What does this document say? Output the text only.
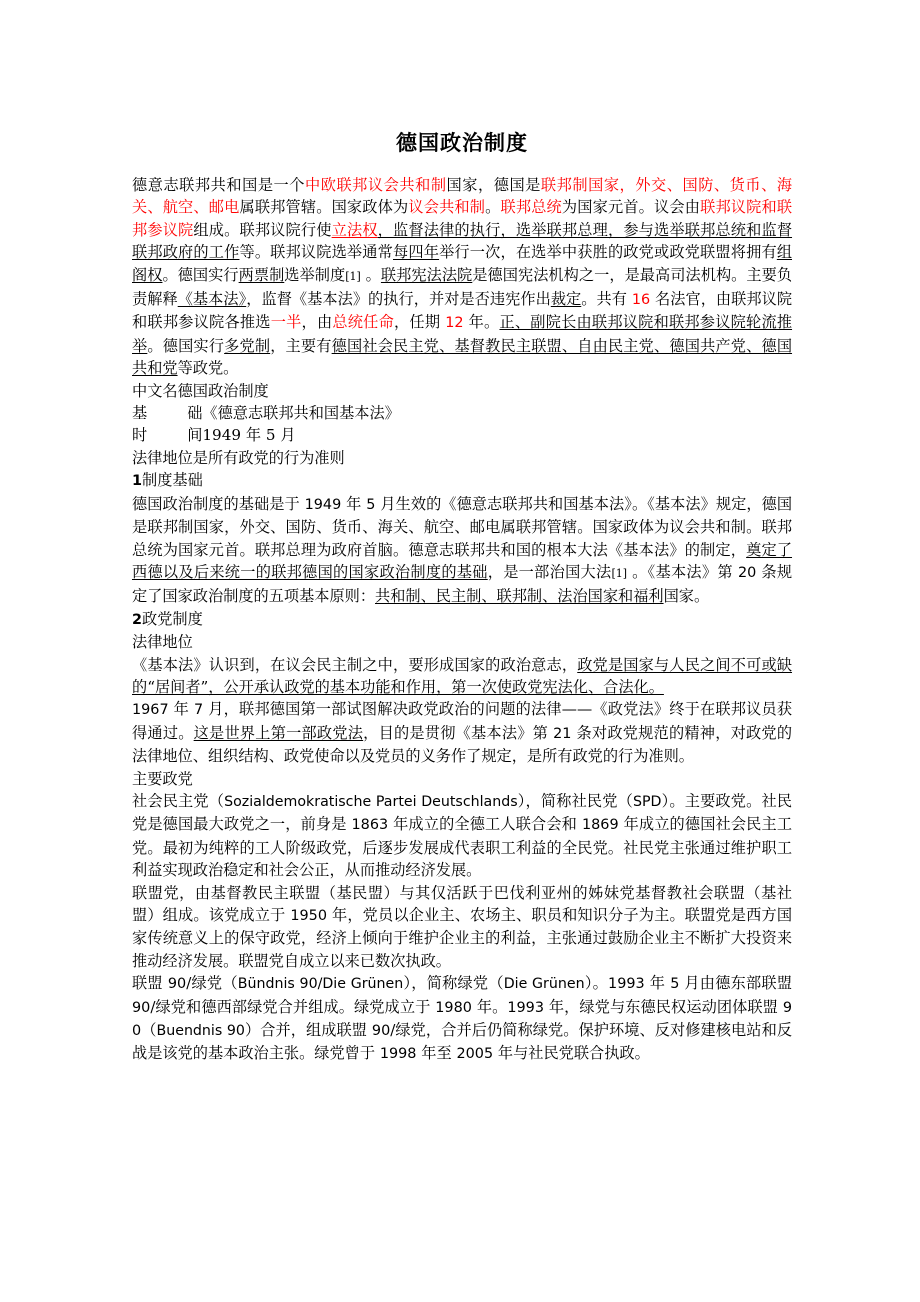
德国政治制度

德意志联邦共和国是一个中欧联邦议会共和制国家，德国是联邦制国家，外交、国防、货币、海关、航空、邮电属联邦管辖。国家政体为议会共和制。联邦总统为国家元首。议会由联邦议院和联邦参议院组成。联邦议院行使立法权，监督法律的执行，选举联邦总理，参与选举联邦总统和监督联邦政府的工作等。联邦议院选举通常每四年举行一次，在选举中获胜的政党或政党联盟将拥有组阁权。德国实行两票制选举制度[1] 。联邦宪法法院是德国宪法机构之一，是最高司法机构。主要负责解释《基本法》，监督《基本法》的执行，并对是否违宪作出裁定。共有 16 名法官，由联邦议院和联邦参议院各推选一半，由总统任命，任期 12 年。正、副院长由联邦议院和联邦参议院轮流推举。德国实行多党制，主要有德国社会民主党、基督教民主联盟、自由民主党、德国共产党、德国共和党等政党。

中文名德国政治制度

基	础《德意志联邦共和国基本法》

时	间1949 年 5 月

法律地位是所有政党的行为准则

1制度基础

德国政治制度的基础是于 1949 年 5 月生效的《德意志联邦共和国基本法》。《基本法》规定，德国是联邦制国家，外交、国防、货币、海关、航空、邮电属联邦管辖。国家政体为议会共和制。联邦总统为国家元首。联邦总理为政府首脑。德意志联邦共和国的根本大法《基本法》的制定，奠定了西德以及后来统一的联邦德国的国家政治制度的基础，是一部治国大法[1] 。《基本法》第 20 条规定了国家政治制度的五项基本原则：共和制、民主制、联邦制、法治国家和福利国家。

2政党制度

法律地位

《基本法》认识到，在议会民主制之中，要形成国家的政治意志，政党是国家与人民之间不可或缺的“居间者”，公开承认政党的基本功能和作用，第一次使政党宪法化、合法化。

1967 年 7 月，联邦德国第一部试图解决政党政治的问题的法律——《政党法》终于在联邦议员获得通过。这是世界上第一部政党法，目的是贯彻《基本法》第 21 条对政党规范的精神，对政党的法律地位、组织结构、政党使命以及党员的义务作了规定，是所有政党的行为准则。

主要政党

社会民主党（Sozialdemokratische Partei Deutschlands），简称社民党（SPD）。主要政党。社民党是德国最大政党之一，前身是 1863 年成立的全德工人联合会和 1869 年成立的德国社会民主工党。最初为纯粹的工人阶级政党，后逐步发展成代表职工利益的全民党。社民党主张通过维护职工利益实现政治稳定和社会公正，从而推动经济发展。

联盟党，由基督教民主联盟（基民盟）与其仅活跃于巴伐利亚州的姊妹党基督教社会联盟（基社盟）组成。该党成立于 1950 年，党员以企业主、农场主、职员和知识分子为主。联盟党是西方国家传统意义上的保守政党，经济上倾向于维护企业主的利益，主张通过鼓励企业主不断扩大投资来推动经济发展。联盟党自成立以来已数次执政。

联盟 90/绿党（Bündnis 90/Die Grünen），简称绿党（Die Grünen）。1993 年 5 月由德东部联盟 90/绿党和德西部绿党合并组成。绿党成立于 1980 年。1993 年，绿党与东德民权运动团体联盟 90（Buendnis 90）合并，组成联盟 90/绿党，合并后仍简称绿党。保护环境、反对修建核电站和反战是该党的基本政治主张。绿党曾于 1998 年至 2005 年与社民党联合执政。
